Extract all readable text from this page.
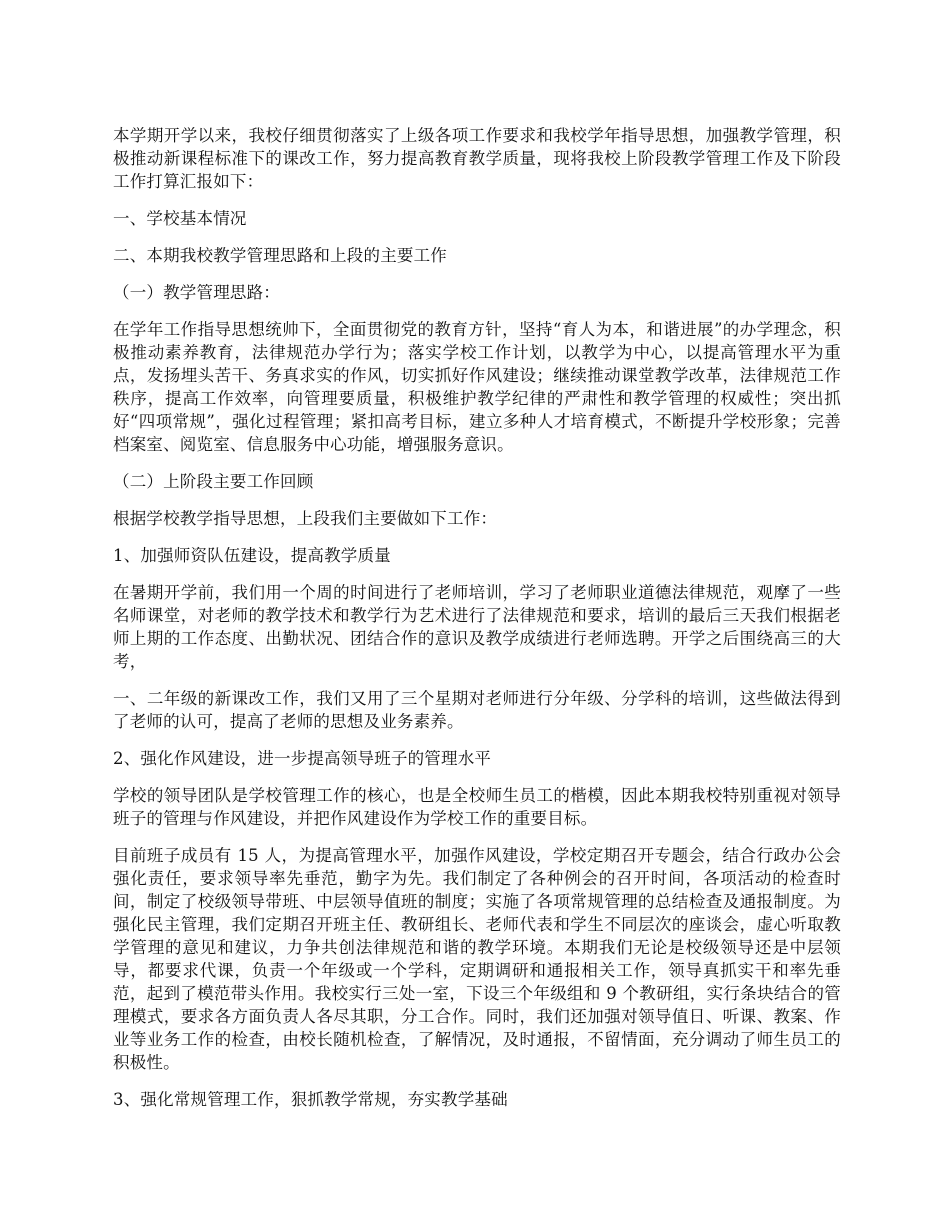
本学期开学以来，我校仔细贯彻落实了上级各项工作要求和我校学年指导思想，加强教学管理，积极推动新课程标准下的课改工作，努力提高教育教学质量，现将我校上阶段教学管理工作及下阶段工作打算汇报如下：

一、学校基本情况

二、本期我校教学管理思路和上段的主要工作

（一）教学管理思路：

在学年工作指导思想统帅下，全面贯彻党的教育方针，坚持“育人为本，和谐进展”的办学理念，积极推动素养教育，法律规范办学行为；落实学校工作计划，以教学为中心，以提高管理水平为重点，发扬埋头苦干、务真求实的作风，切实抓好作风建设；继续推动课堂教学改革，法律规范工作秩序，提高工作效率，向管理要质量，积极维护教学纪律的严肃性和教学管理的权威性；突出抓好“四项常规”，强化过程管理；紧扣高考目标，建立多种人才培育模式，不断提升学校形象；完善档案室、阅览室、信息服务中心功能，增强服务意识。

（二）上阶段主要工作回顾

根据学校教学指导思想，上段我们主要做如下工作：

1、加强师资队伍建设，提高教学质量

在暑期开学前，我们用一个周的时间进行了老师培训，学习了老师职业道德法律规范，观摩了一些名师课堂，对老师的教学技术和教学行为艺术进行了法律规范和要求，培训的最后三天我们根据老师上期的工作态度、出勤状况、团结合作的意识及教学成绩进行老师选聘。开学之后围绕高三的大考，

一、二年级的新课改工作，我们又用了三个星期对老师进行分年级、分学科的培训，这些做法得到了老师的认可，提高了老师的思想及业务素养。

2、强化作风建设，进一步提高领导班子的管理水平

学校的领导团队是学校管理工作的核心，也是全校师生员工的楷模，因此本期我校特别重视对领导班子的管理与作风建设，并把作风建设作为学校工作的重要目标。

目前班子成员有 15 人，为提高管理水平，加强作风建设，学校定期召开专题会，结合行政办公会强化责任，要求领导率先垂范，勤字为先。我们制定了各种例会的召开时间，各项活动的检查时间，制定了校级领导带班、中层领导值班的制度；实施了各项常规管理的总结检查及通报制度。为强化民主管理，我们定期召开班主任、教研组长、老师代表和学生不同层次的座谈会，虚心听取教学管理的意见和建议，力争共创法律规范和谐的教学环境。本期我们无论是校级领导还是中层领导，都要求代课，负责一个年级或一个学科，定期调研和通报相关工作，领导真抓实干和率先垂范，起到了模范带头作用。我校实行三处一室，下设三个年级组和 9 个教研组，实行条块结合的管理模式，要求各方面负责人各尽其职，分工合作。同时，我们还加强对领导值日、听课、教案、作业等业务工作的检查，由校长随机检查，了解情况，及时通报，不留情面，充分调动了师生员工的积极性。

3、强化常规管理工作，狠抓教学常规，夯实教学基础
